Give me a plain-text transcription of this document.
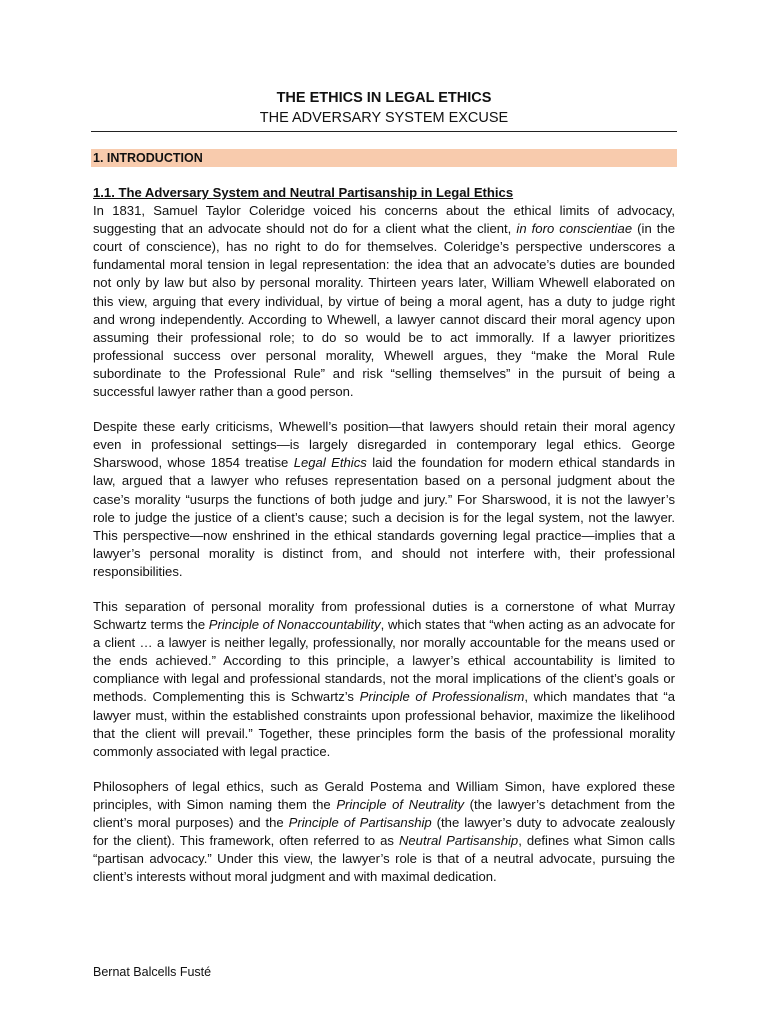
THE ETHICS IN LEGAL ETHICS
THE ADVERSARY SYSTEM EXCUSE
1. INTRODUCTION
1.1. The Adversary System and Neutral Partisanship in Legal Ethics

In 1831, Samuel Taylor Coleridge voiced his concerns about the ethical limits of advocacy, suggesting that an advocate should not do for a client what the client, in foro conscientiae (in the court of conscience), has no right to do for themselves. Coleridge’s perspective underscores a fundamental moral tension in legal representation: the idea that an advocate’s duties are bounded not only by law but also by personal morality. Thirteen years later, William Whewell elaborated on this view, arguing that every individual, by virtue of being a moral agent, has a duty to judge right and wrong independently. According to Whewell, a lawyer cannot discard their moral agency upon assuming their professional role; to do so would be to act immorally. If a lawyer prioritizes professional success over personal morality, Whewell argues, they “make the Moral Rule subordinate to the Professional Rule” and risk “selling themselves” in the pursuit of being a successful lawyer rather than a good person.

Despite these early criticisms, Whewell’s position—that lawyers should retain their moral agency even in professional settings—is largely disregarded in contemporary legal ethics. George Sharswood, whose 1854 treatise Legal Ethics laid the foundation for modern ethical standards in law, argued that a lawyer who refuses representation based on a personal judgment about the case’s morality “usurps the functions of both judge and jury.” For Sharswood, it is not the lawyer’s role to judge the justice of a client’s cause; such a decision is for the legal system, not the lawyer. This perspective—now enshrined in the ethical standards governing legal practice—implies that a lawyer’s personal morality is distinct from, and should not interfere with, their professional responsibilities.

This separation of personal morality from professional duties is a cornerstone of what Murray Schwartz terms the Principle of Nonaccountability, which states that “when acting as an advocate for a client … a lawyer is neither legally, professionally, nor morally accountable for the means used or the ends achieved.” According to this principle, a lawyer’s ethical accountability is limited to compliance with legal and professional standards, not the moral implications of the client’s goals or methods. Complementing this is Schwartz’s Principle of Professionalism, which mandates that “a lawyer must, within the established constraints upon professional behavior, maximize the likelihood that the client will prevail.” Together, these principles form the basis of the professional morality commonly associated with legal practice.

Philosophers of legal ethics, such as Gerald Postema and William Simon, have explored these principles, with Simon naming them the Principle of Neutrality (the lawyer’s detachment from the client’s moral purposes) and the Principle of Partisanship (the lawyer’s duty to advocate zealously for the client). This framework, often referred to as Neutral Partisanship, defines what Simon calls “partisan advocacy.” Under this view, the lawyer’s role is that of a neutral advocate, pursuing the client’s interests without moral judgment and with maximal dedication.

Bernat Balcells Fusté
